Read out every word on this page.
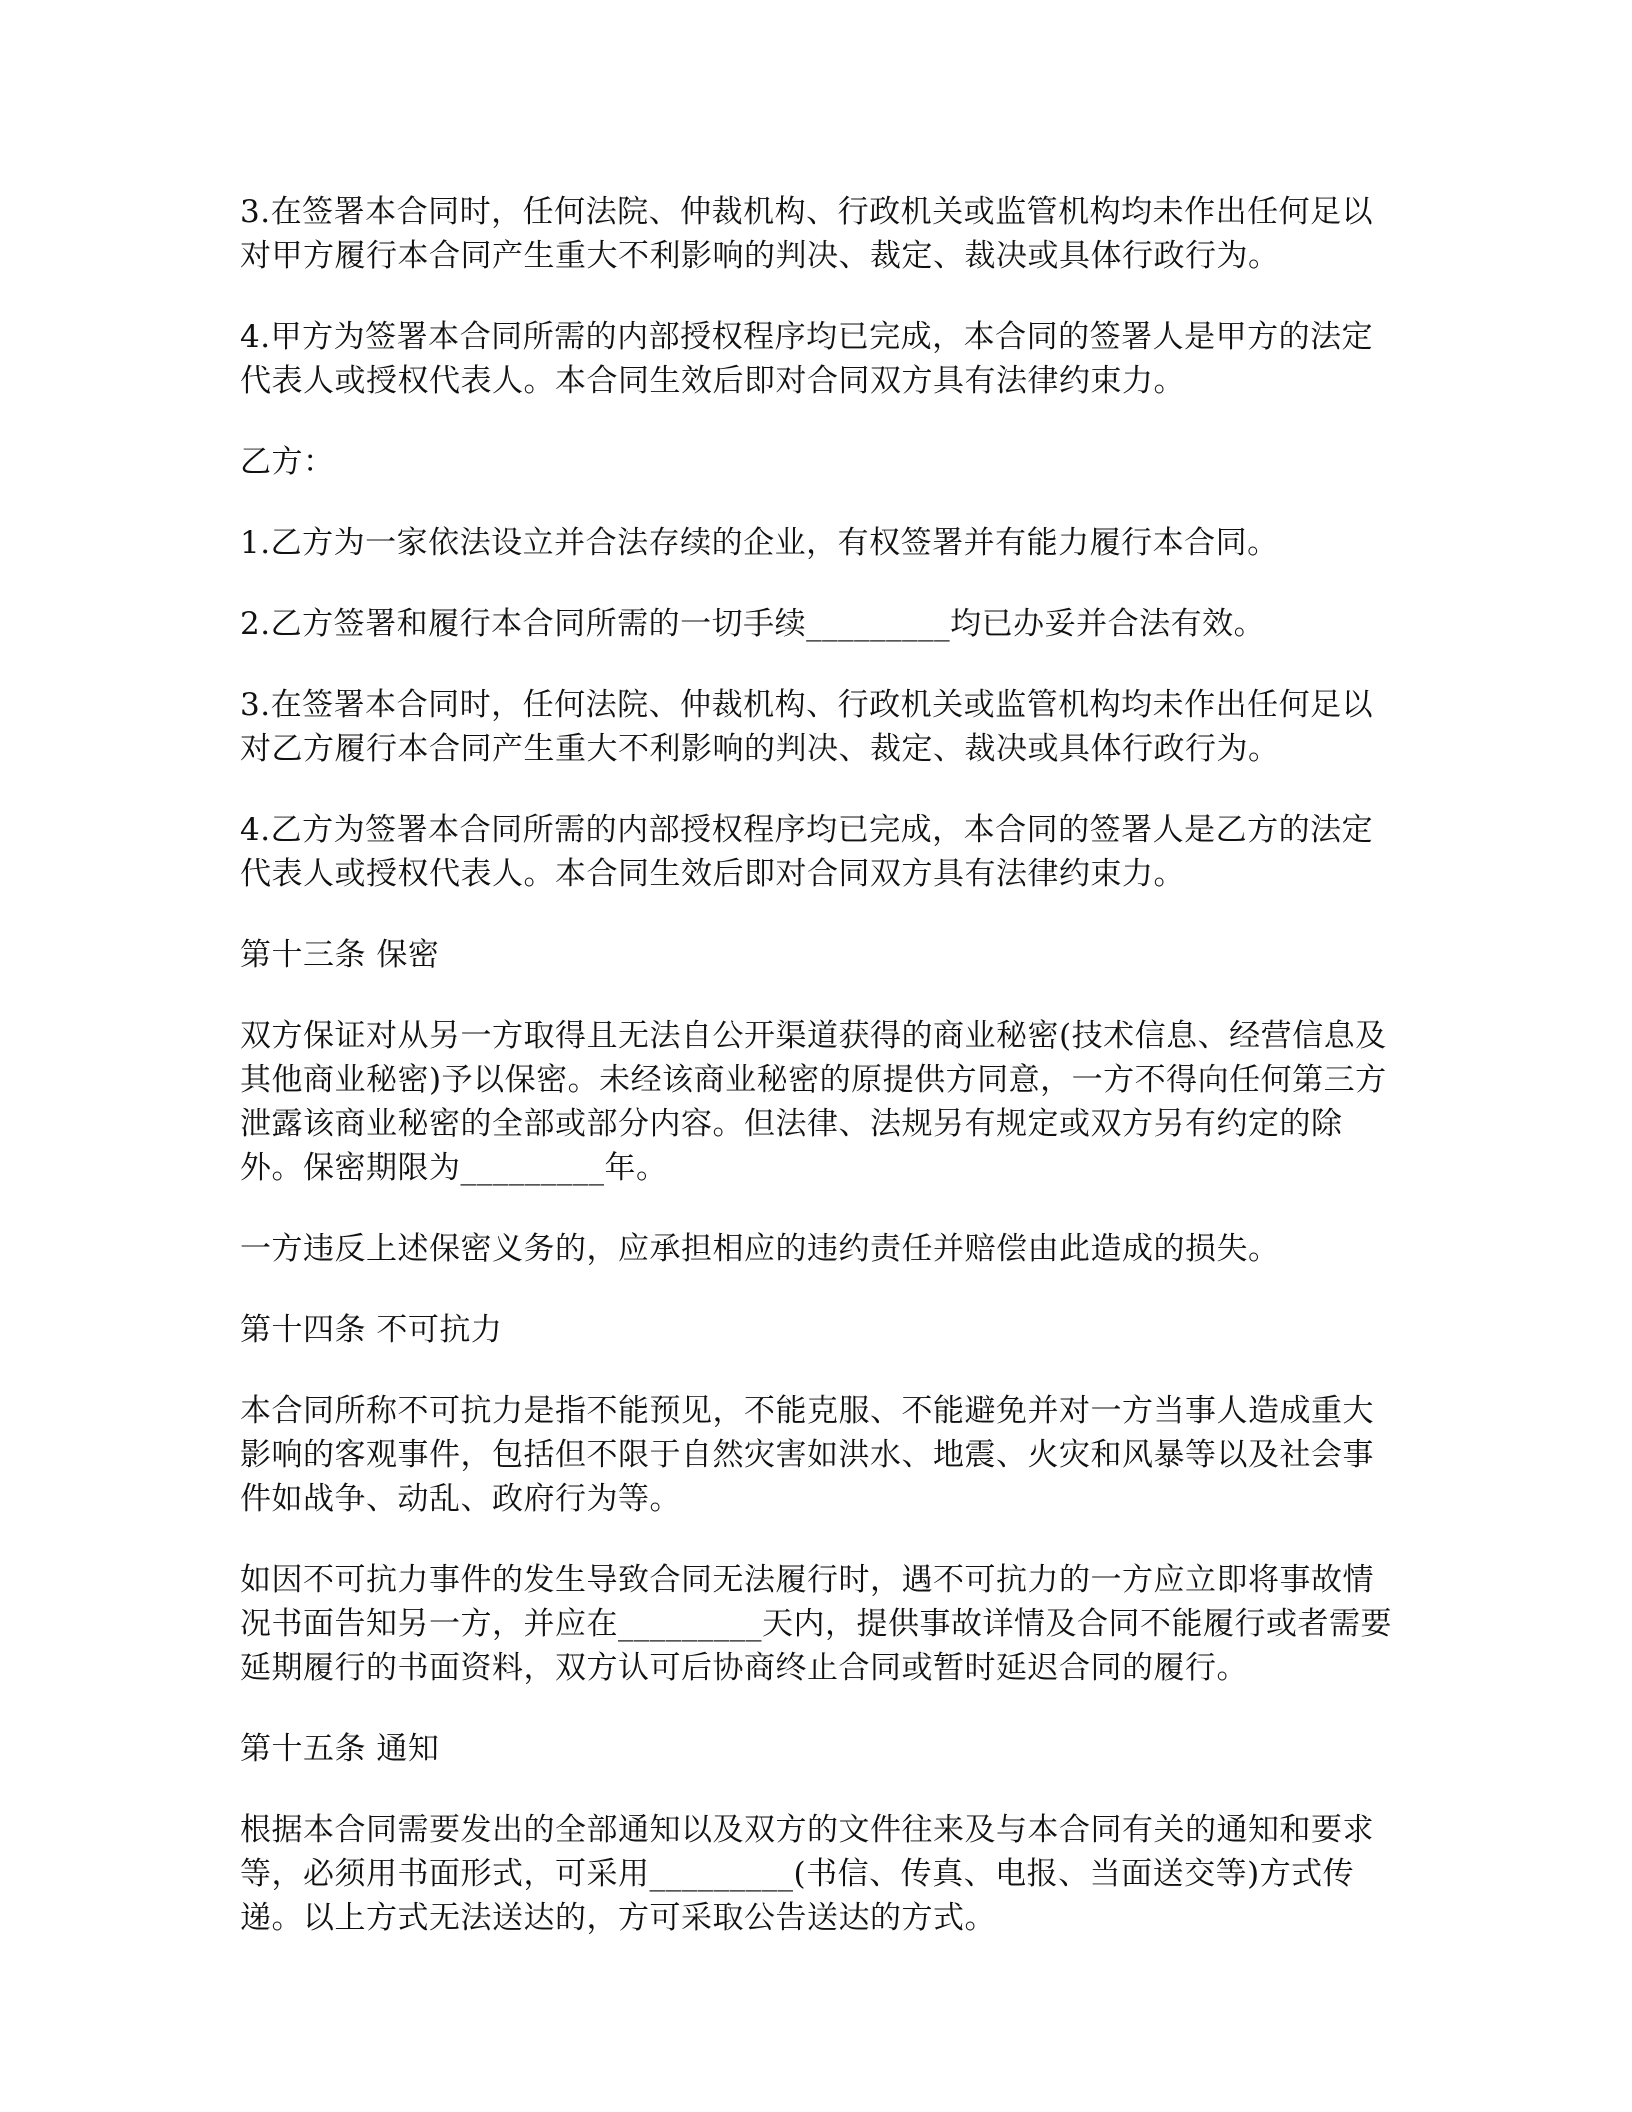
3.在签署本合同时，任何法院、仲裁机构、行政机关或监管机构均未作出任何足以对甲方履行本合同产生重大不利影响的判决、裁定、裁决或具体行政行为。

4.甲方为签署本合同所需的内部授权程序均已完成，本合同的签署人是甲方的法定代表人或授权代表人。本合同生效后即对合同双方具有法律约束力。

乙方：

1.乙方为一家依法设立并合法存续的企业，有权签署并有能力履行本合同。

2.乙方签署和履行本合同所需的一切手续_________均已办妥并合法有效。

3.在签署本合同时，任何法院、仲裁机构、行政机关或监管机构均未作出任何足以对乙方履行本合同产生重大不利影响的判决、裁定、裁决或具体行政行为。

4.乙方为签署本合同所需的内部授权程序均已完成，本合同的签署人是乙方的法定代表人或授权代表人。本合同生效后即对合同双方具有法律约束力。

第十三条 保密

双方保证对从另一方取得且无法自公开渠道获得的商业秘密(技术信息、经营信息及其他商业秘密)予以保密。未经该商业秘密的原提供方同意，一方不得向任何第三方泄露该商业秘密的全部或部分内容。但法律、法规另有规定或双方另有约定的除外。保密期限为_________年。

一方违反上述保密义务的，应承担相应的违约责任并赔偿由此造成的损失。

第十四条 不可抗力

本合同所称不可抗力是指不能预见，不能克服、不能避免并对一方当事人造成重大影响的客观事件，包括但不限于自然灾害如洪水、地震、火灾和风暴等以及社会事件如战争、动乱、政府行为等。

如因不可抗力事件的发生导致合同无法履行时，遇不可抗力的一方应立即将事故情况书面告知另一方，并应在_________天内，提供事故详情及合同不能履行或者需要延期履行的书面资料，双方认可后协商终止合同或暂时延迟合同的履行。

第十五条 通知

根据本合同需要发出的全部通知以及双方的文件往来及与本合同有关的通知和要求等，必须用书面形式，可采用_________(书信、传真、电报、当面送交等)方式传递。以上方式无法送达的，方可采取公告送达的方式。
